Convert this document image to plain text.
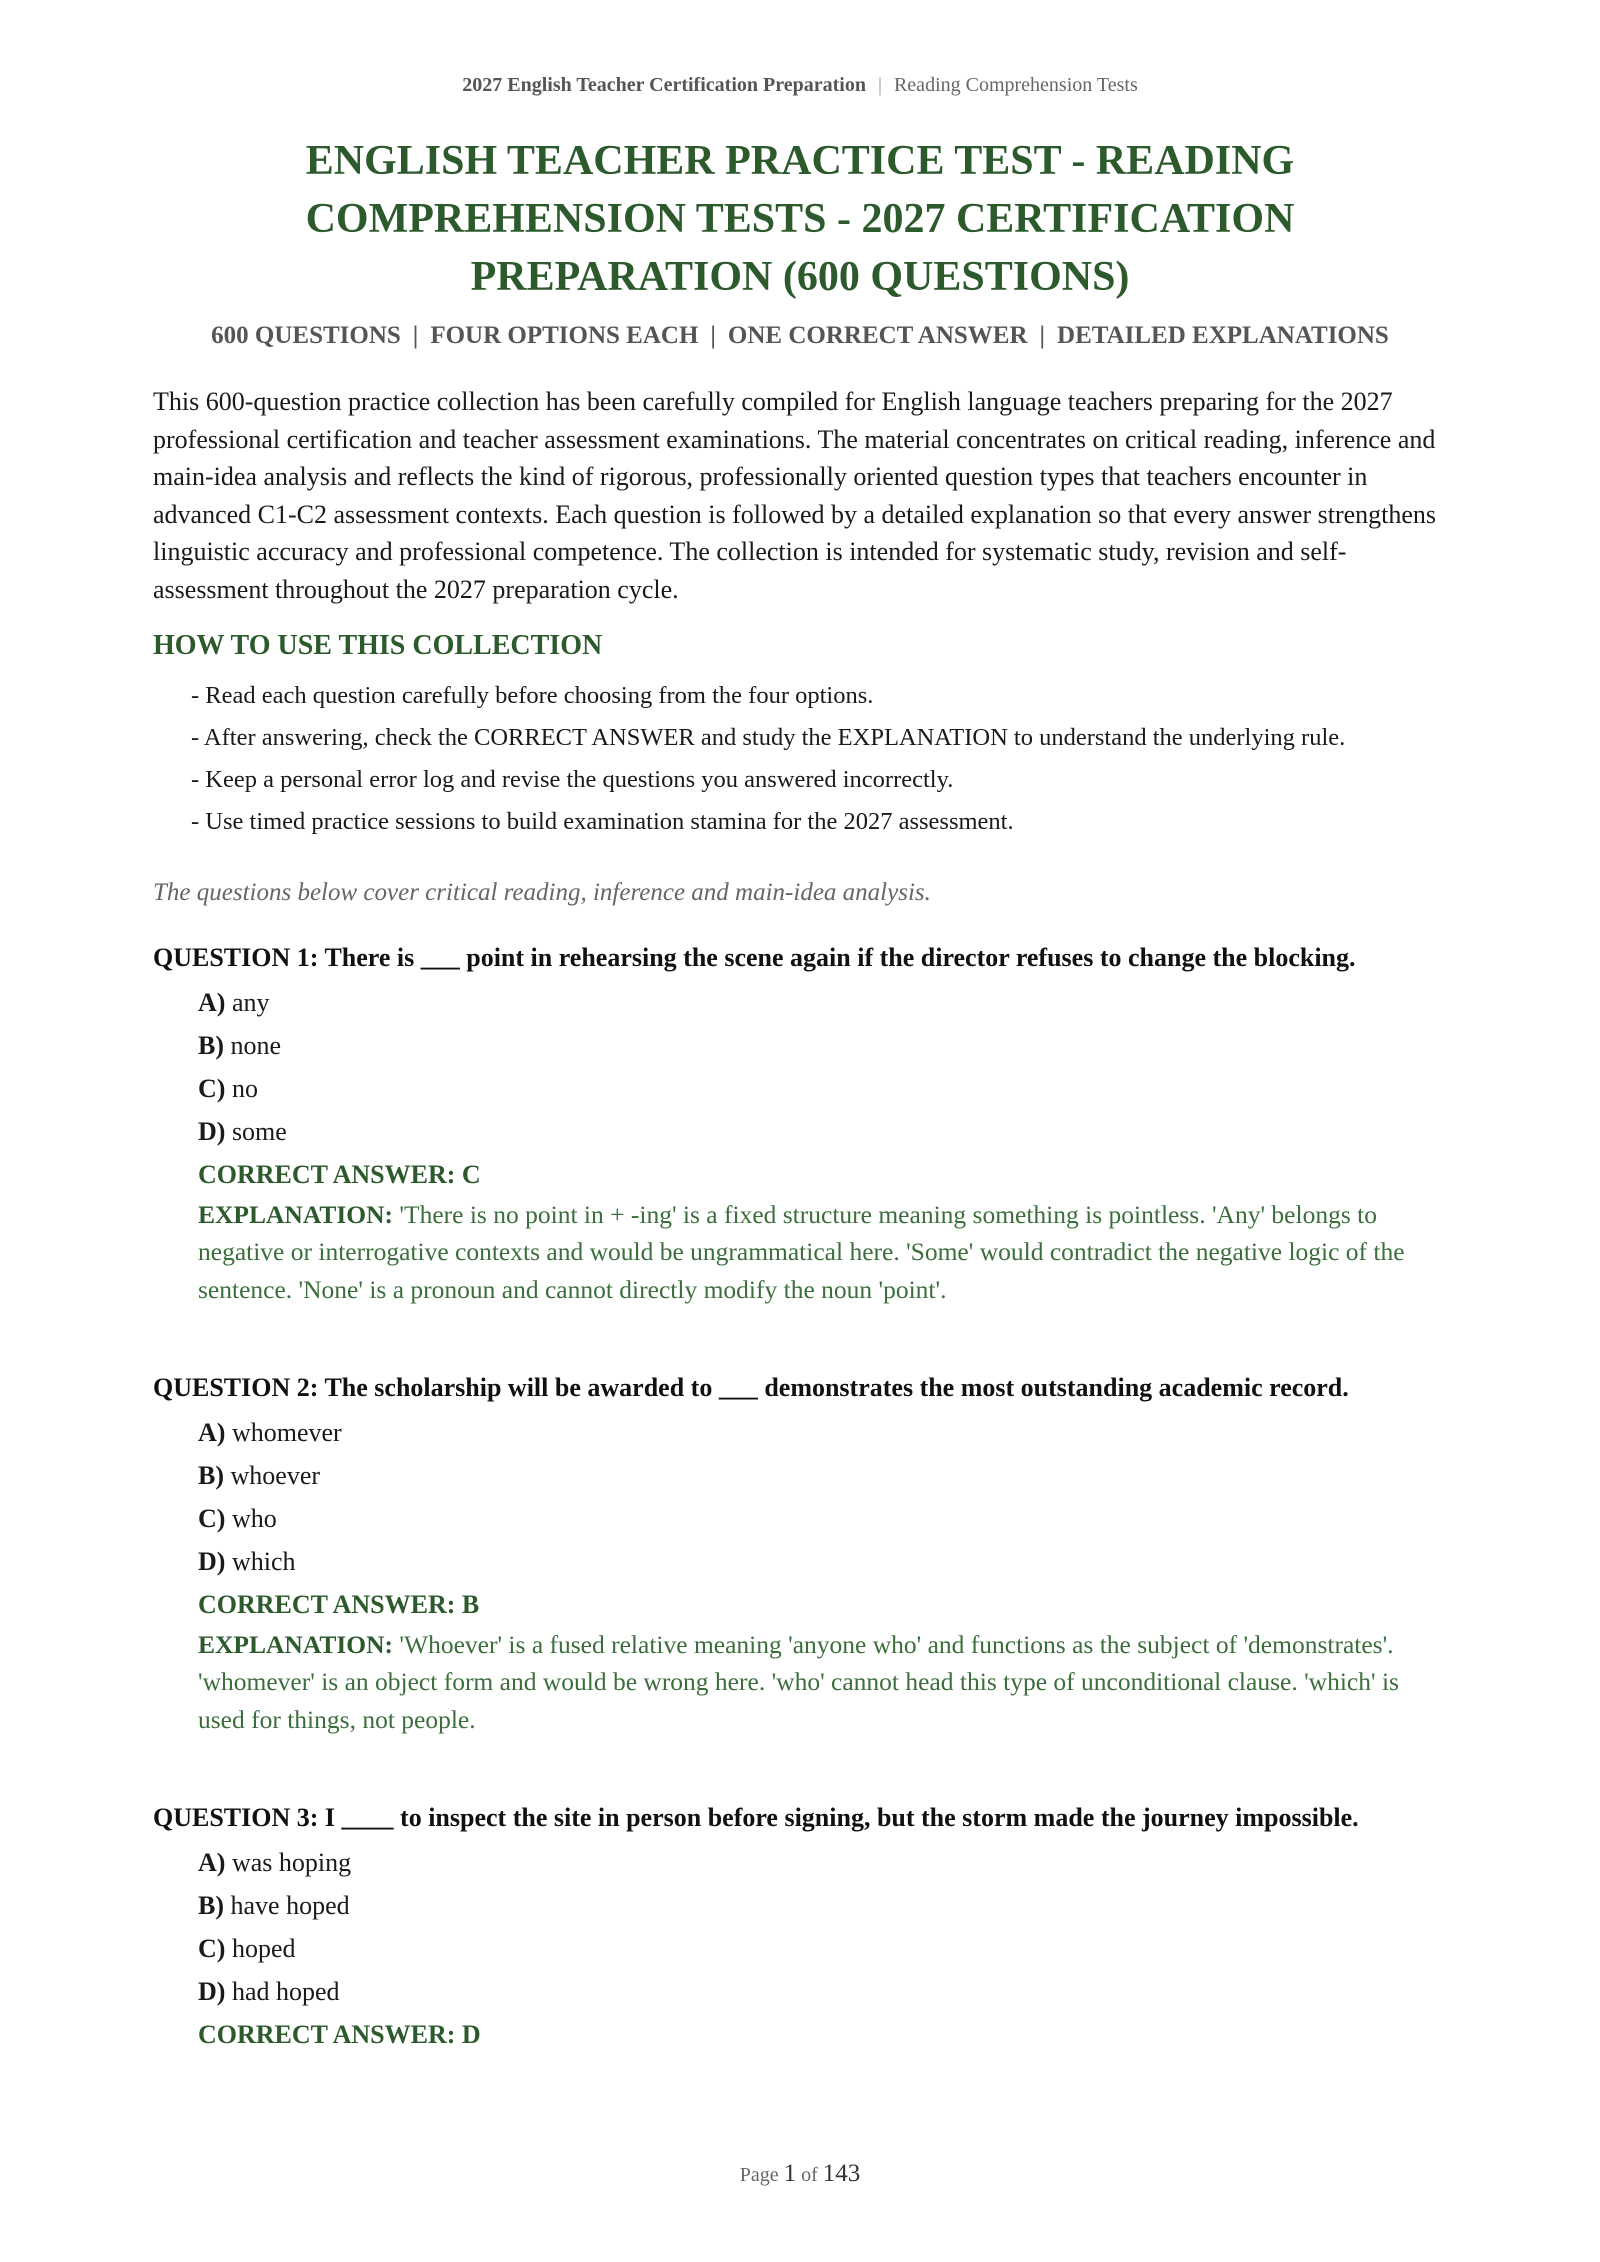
2027 English Teacher Certification Preparation | Reading Comprehension Tests
ENGLISH TEACHER PRACTICE TEST - READING
COMPREHENSION TESTS - 2027 CERTIFICATION
PREPARATION (600 QUESTIONS)
600 QUESTIONS | FOUR OPTIONS EACH | ONE CORRECT ANSWER | DETAILED EXPLANATIONS

This 600-question practice collection has been carefully compiled for English language teachers preparing for the 2027 professional certification and teacher assessment examinations. The material concentrates on critical reading, inference and main-idea analysis and reflects the kind of rigorous, professionally oriented question types that teachers encounter in advanced C1-C2 assessment contexts. Each question is followed by a detailed explanation so that every answer strengthens linguistic accuracy and professional competence. The collection is intended for systematic study, revision and self-assessment throughout the 2027 preparation cycle.

HOW TO USE THIS COLLECTION
- Read each question carefully before choosing from the four options.
- After answering, check the CORRECT ANSWER and study the EXPLANATION to understand the underlying rule.
- Keep a personal error log and revise the questions you answered incorrectly.
- Use timed practice sessions to build examination stamina for the 2027 assessment.
The questions below cover critical reading, inference and main-idea analysis.

QUESTION 1: There is ___ point in rehearsing the scene again if the director refuses to change the blocking.

A) any
B) none
C) no
D) some
CORRECT ANSWER: C
EXPLANATION: 'There is no point in + -ing' is a fixed structure meaning something is pointless. 'Any' belongs to negative or interrogative contexts and would be ungrammatical here. 'Some' would contradict the negative logic of the sentence. 'None' is a pronoun and cannot directly modify the noun 'point'.

QUESTION 2: The scholarship will be awarded to ___ demonstrates the most outstanding academic record.

A) whomever
B) whoever
C) who
D) which
CORRECT ANSWER: B
EXPLANATION: 'Whoever' is a fused relative meaning 'anyone who' and functions as the subject of 'demonstrates'. 'whomever' is an object form and would be wrong here. 'who' cannot head this type of unconditional clause. 'which' is used for things, not people.

QUESTION 3: I ____ to inspect the site in person before signing, but the storm made the journey impossible.

A) was hoping
B) have hoped
C) hoped
D) had hoped
CORRECT ANSWER: D
Page 1 of 143
